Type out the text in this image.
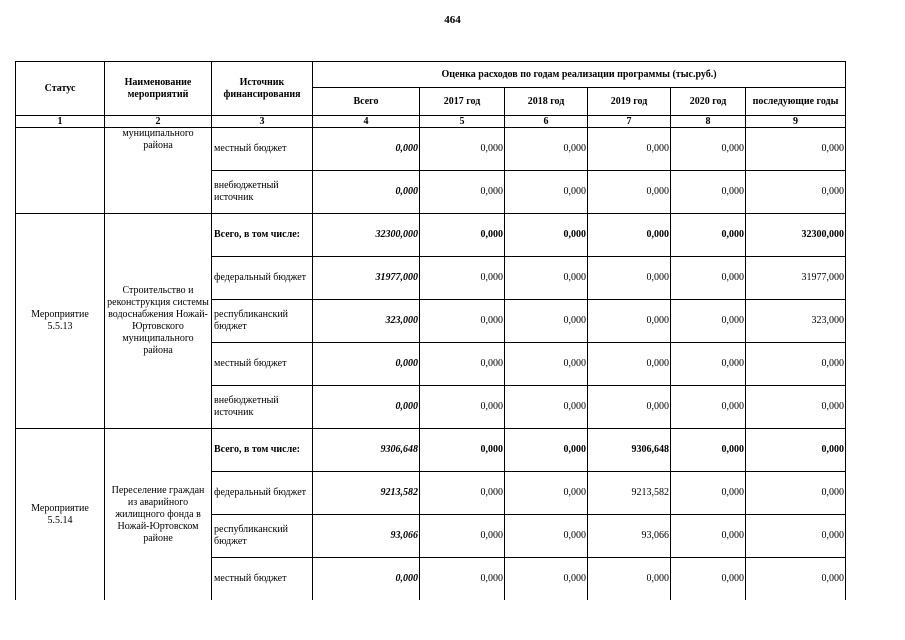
464
Статус	Наименование мероприятий	Источник финансирования	Оценка расходов по годам реализации программы (тыс.руб.)					
			Всего	2017 год	2018 год	2019 год	2020 год	последующие годы
1	2	3	4	5	6	7	8	9
	муниципального района	местный бюджет	0,000	0,000	0,000	0,000	0,000	0,000
		внебюджетный источник	0,000	0,000	0,000	0,000	0,000	0,000
Мероприятие 5.5.13	Строительство и реконструкция системы водоснабжения Ножай-Юртовского муниципального района	Всего, в том числе:	32300,000	0,000	0,000	0,000	0,000	32300,000
		федеральный бюджет	31977,000	0,000	0,000	0,000	0,000	31977,000
		республиканский бюджет	323,000	0,000	0,000	0,000	0,000	323,000
		местный бюджет	0,000	0,000	0,000	0,000	0,000	0,000
		внебюджетный источник	0,000	0,000	0,000	0,000	0,000	0,000
Мероприятие 5.5.14	Переселение граждан из аварийного жилищного фонда в Ножай-Юртовском районе	Всего, в том числе:	9306,648	0,000	0,000	9306,648	0,000	0,000
		федеральный бюджет	9213,582	0,000	0,000	9213,582	0,000	0,000
		республиканский бюджет	93,066	0,000	0,000	93,066	0,000	0,000
		местный бюджет	0,000	0,000	0,000	0,000	0,000	0,000
